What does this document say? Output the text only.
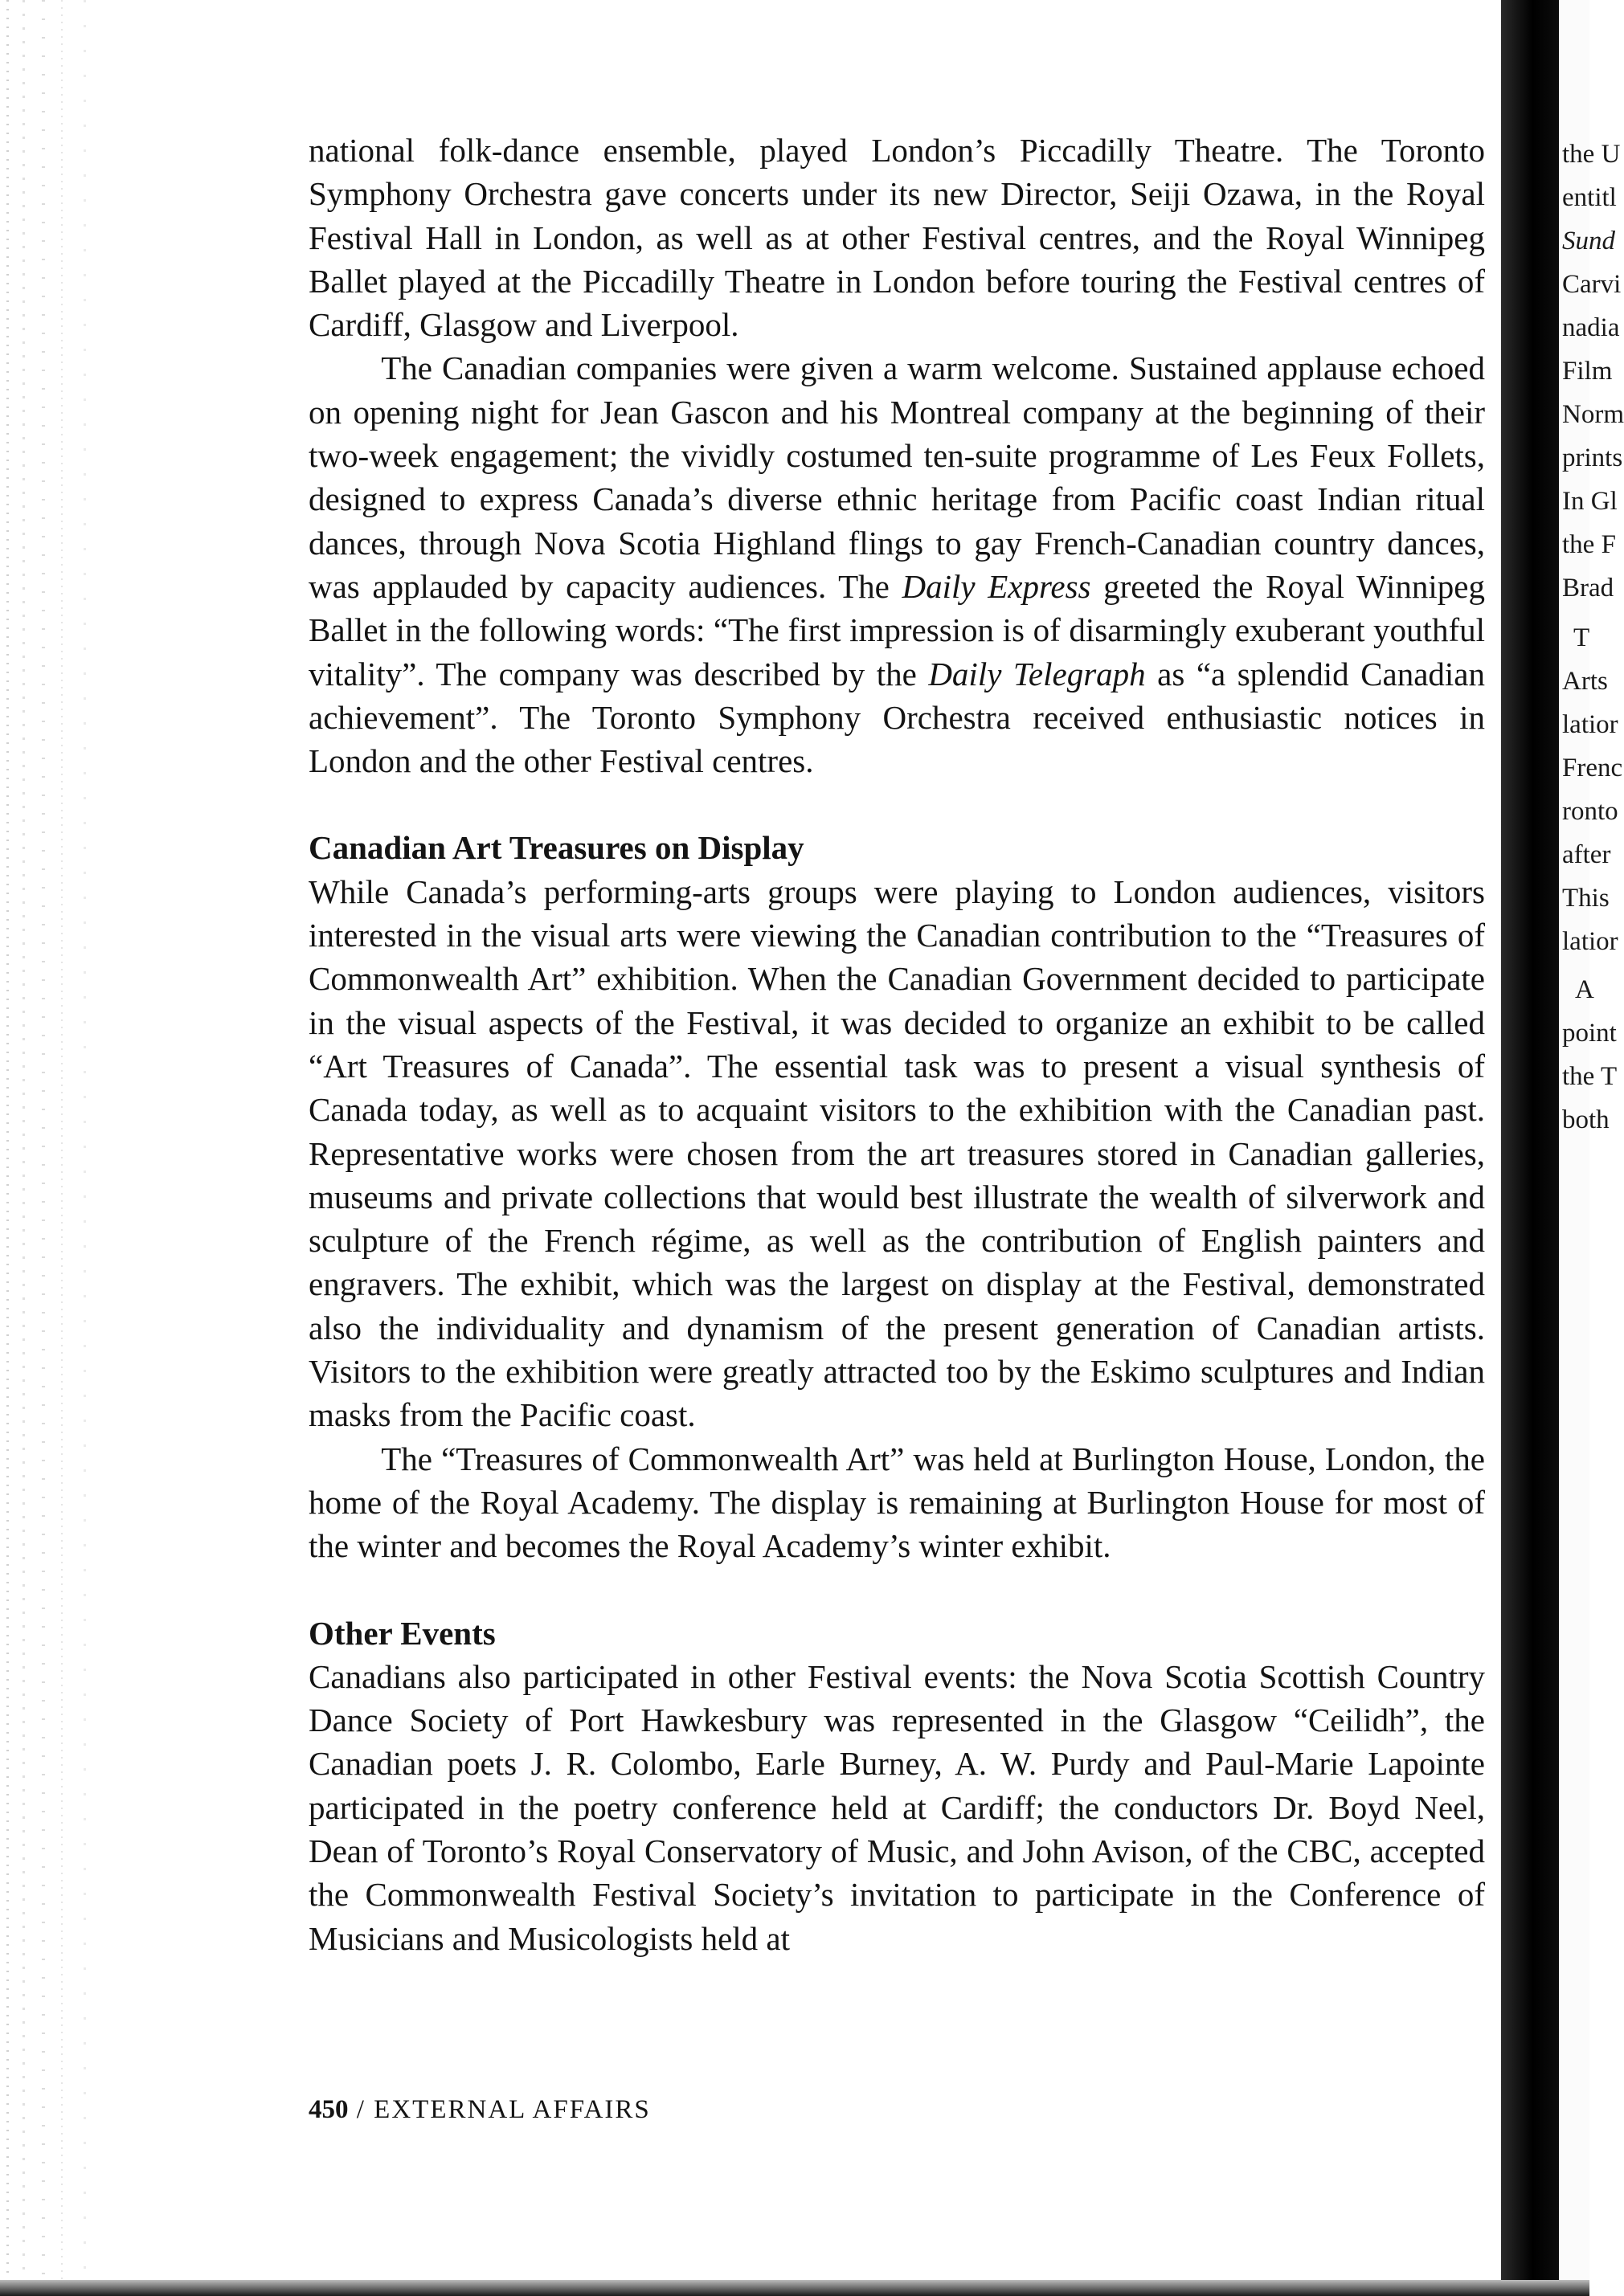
national folk-dance ensemble, played London’s Piccadilly Theatre. The Toronto Symphony Orchestra gave concerts under its new Director, Seiji Ozawa, in the Royal Festival Hall in London, as well as at other Festival centres, and the Royal Winnipeg Ballet played at the Piccadilly Theatre in London before touring the Festival centres of Cardiff, Glasgow and Liverpool.

The Canadian companies were given a warm welcome. Sustained applause echoed on opening night for Jean Gascon and his Montreal company at the beginning of their two-week engagement; the vividly costumed ten-suite programme of Les Feux Follets, designed to express Canada’s diverse ethnic heritage from Pacific coast Indian ritual dances, through Nova Scotia Highland flings to gay French-Canadian country dances, was applauded by capacity audiences. The Daily Express greeted the Royal Winnipeg Ballet in the following words: “The first impression is of disarmingly exuberant youthful vitality”. The company was described by the Daily Telegraph as “a splendid Canadian achievement”. The Toronto Symphony Orchestra received enthusiastic notices in London and the other Festival centres.

Canadian Art Treasures on Display

While Canada’s performing-arts groups were playing to London audiences, visitors interested in the visual arts were viewing the Canadian contribution to the “Treasures of Commonwealth Art” exhibition. When the Canadian Government decided to participate in the visual aspects of the Festival, it was decided to organize an exhibit to be called “Art Treasures of Canada”. The essential task was to present a visual synthesis of Canada today, as well as to acquaint visitors to the exhibition with the Canadian past. Representative works were chosen from the art treasures stored in Canadian galleries, museums and private collections that would best illustrate the wealth of silverwork and sculpture of the French régime, as well as the contribution of English painters and engravers. The exhibit, which was the largest on display at the Festival, demonstrated also the individuality and dynamism of the present generation of Canadian artists. Visitors to the exhibition were greatly attracted too by the Eskimo sculptures and Indian masks from the Pacific coast.

The “Treasures of Commonwealth Art” was held at Burlington House, London, the home of the Royal Academy. The display is remaining at Burlington House for most of the winter and becomes the Royal Academy’s winter exhibit.

Other Events

Canadians also participated in other Festival events: the Nova Scotia Scottish Country Dance Society of Port Hawkesbury was represented in the Glasgow “Ceilidh”, the Canadian poets J. R. Colombo, Earle Burney, A. W. Purdy and Paul-Marie Lapointe participated in the poetry conference held at Cardiff; the conductors Dr. Boyd Neel, Dean of Toronto’s Royal Conservatory of Music, and John Avison, of the CBC, accepted the Commonwealth Festival Society’s invitation to participate in the Conference of Musicians and Musicologists held at

450 / EXTERNAL AFFAIRS
the U
entitl
Sund
Carvi
nadia
Film
Norm
prints
In Gl
the F
Brad
T
Arts
latior
Frenc
ronto
after
This
latior
A
point
the T
both
